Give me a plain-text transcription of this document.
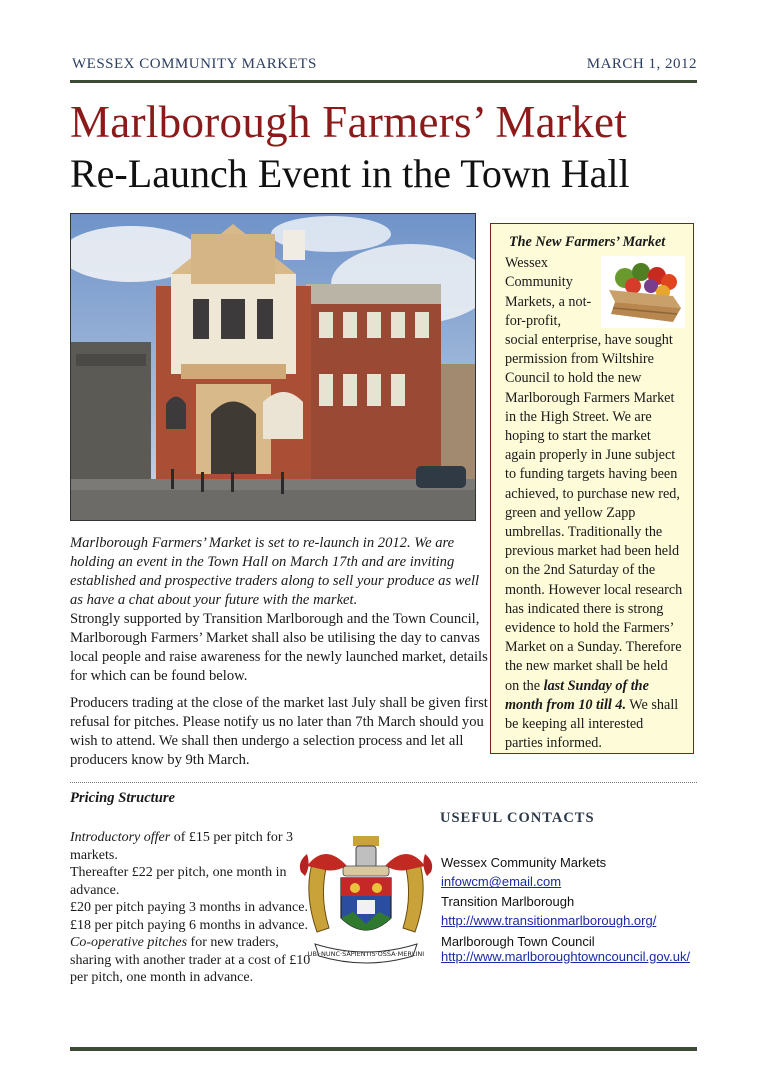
WESSEX COMMUNITY MARKETS	MARCH 1, 2012
Marlborough Farmers’ Market
Re-Launch Event in the Town Hall

Marlborough Farmers’ Market is set to re-launch in 2012. We are holding an event in the Town Hall on March 17th and are inviting established and prospective traders along to sell your produce as well as have a chat about your future with the market.
Strongly supported by Transition Marlborough and the Town Council, Marlborough Farmers’ Market shall also be utilising the day to canvas local people and raise awareness for the newly launched market, details for which can be found below.

Producers trading at the close of the market last July shall be given first refusal for pitches. Please notify us no later than 7th March should you wish to attend. We shall then undergo a selection process and let all producers know by 9th March.

The New Farmers’ Market
Wessex Community Markets, a not-for-profit, social enterprise, have sought permission from Wiltshire Council to hold the new Marlborough Farmers Market in the High Street. We are hoping to start the market again properly in June subject to funding targets having been achieved, to purchase new red, green and yellow Zapp umbrellas. Traditionally the previous market had been held on the 2nd Saturday of the month. However local research has indicated there is strong evidence to hold the Farmers’ Market on a Sunday. Therefore the new market shall be held on the last Sunday of the month from 10 till 4. We shall be keeping all interested parties informed.
Pricing Structure
Introductory offer of £15 per pitch for 3 markets.
Thereafter £22 per pitch, one month in advance.
£20 per pitch paying 3 months in advance.
£18 per pitch paying 6 months in advance.
Co-operative pitches for new traders, sharing with another trader at a cost of £10 per pitch, one month in advance.
UBI·NUNC·SAPIENTIS·OSSA·MERLINI
USEFUL CONTACTS
Wessex Community Markets
infowcm@email.com
Transition Marlborough
http://www.transitionmarlborough.org/
Marlborough Town Council
http://www.marlboroughtowncouncil.gov.uk/
